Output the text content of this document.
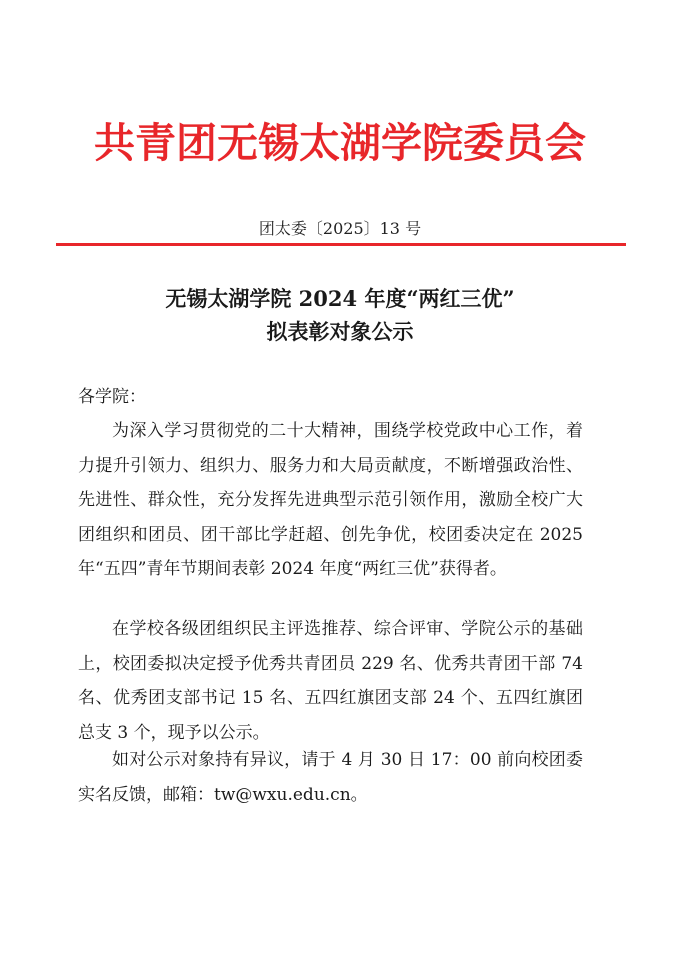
共青团无锡太湖学院委员会
团太委〔2025〕13 号
无锡太湖学院 2024 年度“两红三优”
拟表彰对象公示
各学院：
为深入学习贯彻党的二十大精神，围绕学校党政中心工作，着力提升引领力、组织力、服务力和大局贡献度，不断增强政治性、先进性、群众性，充分发挥先进典型示范引领作用，激励全校广大团组织和团员、团干部比学赶超、创先争优，校团委决定在 2025 年“五四”青年节期间表彰 2024 年度“两红三优”获得者。
在学校各级团组织民主评选推荐、综合评审、学院公示的基础上，校团委拟决定授予优秀共青团员 229 名、优秀共青团干部 74 名、优秀团支部书记 15 名、五四红旗团支部 24 个、五四红旗团总支 3 个，现予以公示。
如对公示对象持有异议，请于 4 月 30 日 17：00 前向校团委实名反馈，邮箱：tw@wxu.edu.cn。
